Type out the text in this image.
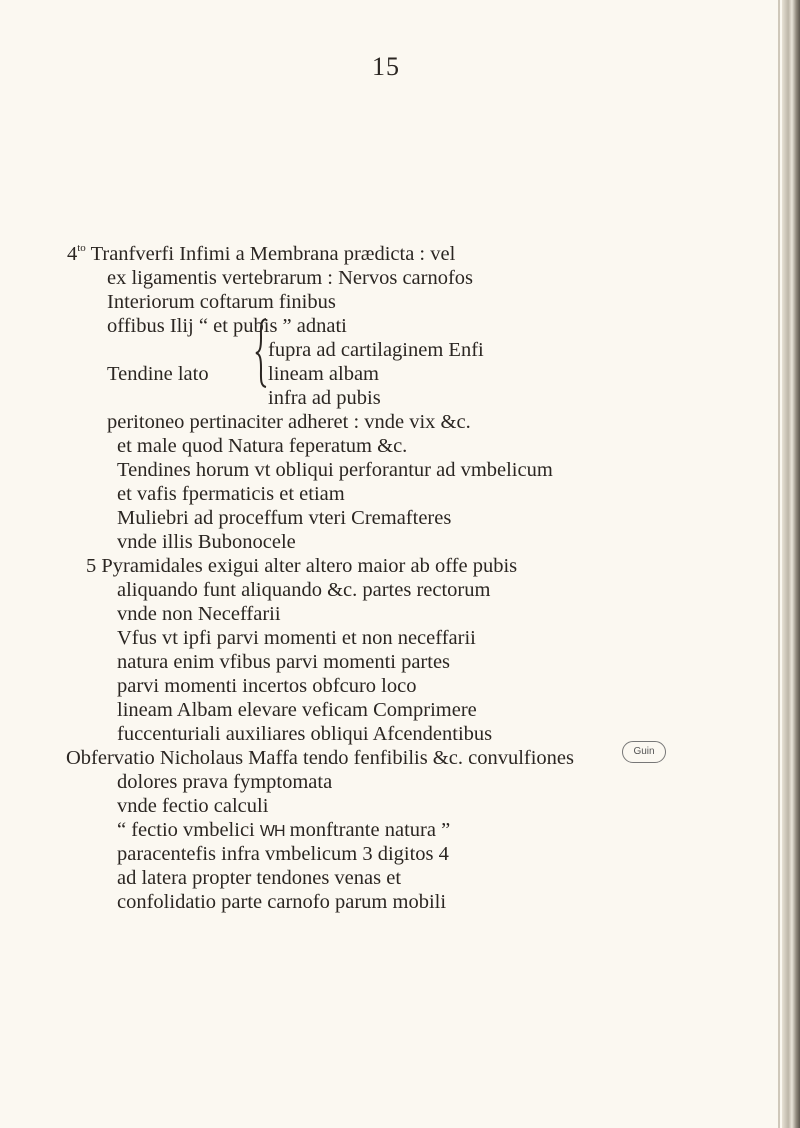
15
$4^{to}$ Tranfverfi Infimi a Membrana prædicta : vel
ex ligamentis vertebrarum : Nervos carnofos
Interiorum coftarum finibus
offibus Ilij “ et pubis ” adnati
fupra ad cartilaginem Enfi
Tendine lato	lineam albam
infra ad pubis
peritoneo pertinaciter adheret : vnde vix &c.
et male quod Natura feperatum &c.
Tendines horum vt obliqui perforantur ad vmbelicum
et vafis fpermaticis et etiam
Muliebri ad proceffum vteri Cremafteres
vnde illis Bubonocele
5 Pyramidales exigui alter altero maior ab offe pubis
aliquando funt aliquando &c. partes rectorum
vnde non Neceffarii
Vfus vt ipfi parvi momenti et non neceffarii
natura enim vfibus parvi momenti partes
parvi momenti incertos obfcuro loco
lineam Albam elevare veficam Comprimere
fuccenturiali auxiliares obliqui Afcendentibus
Guin
Obfervatio Nicholaus Maffa tendo fenfibilis &c. convulfiones
dolores prava fymptomata
vnde fectio calculi
“ fectio vmbelici WH monftrante natura ”
paracentefis infra vmbelicum 3 digitos 4
ad latera propter tendones venas et
confolidatio parte carnofo parum mobili
